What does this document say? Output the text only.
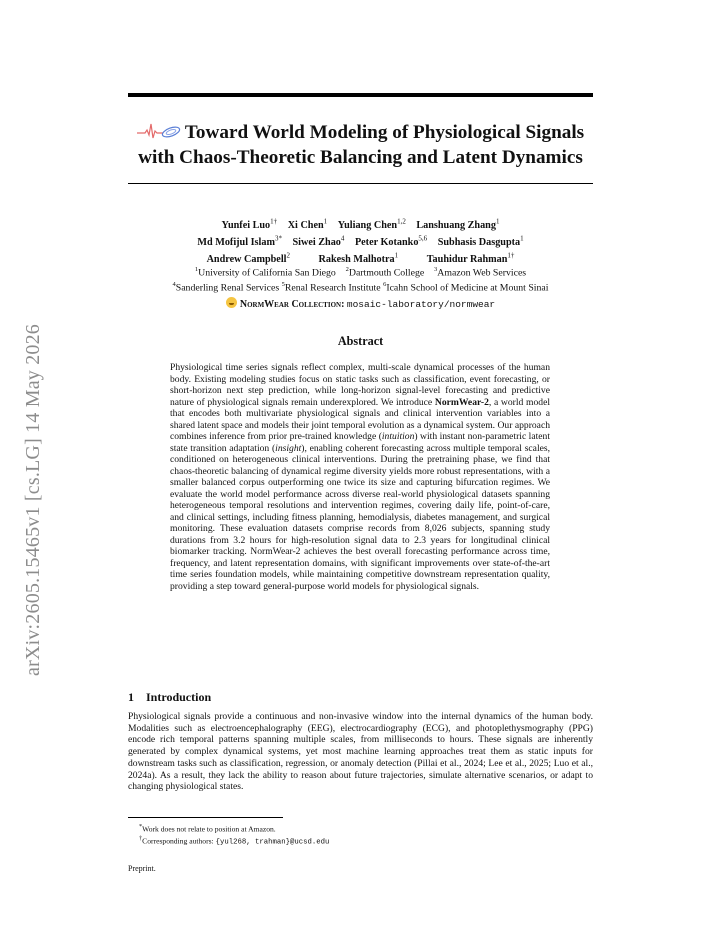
arXiv:2605.15465v1 [cs.LG] 14 May 2026
Toward World Modeling of Physiological Signals
with Chaos-Theoretic Balancing and Latent Dynamics
Yunfei Luo$^{1\dagger}$ Xi Chen$^1$ Yuliang Chen$^{1,2}$ Lanshuang Zhang$^1$
Md Mofijul Islam$^{3*}$ Siwei Zhao$^4$ Peter Kotanko$^{5,6}$ Subhasis Dasgupta$^1$
Andrew Campbell$^2$	Rakesh Malhotra$^1$	Tauhidur Rahman$^{1\dagger}$
$^1$University of California San Diego $^2$Dartmouth College $^3$Amazon Web Services
$^4$Sanderling Renal Services $^5$Renal Research Institute $^6$Icahn School of Medicine at Mount Sinai
NormWear Collection: mosaic-laboratory/normwear
Abstract
Physiological time series signals reflect complex, multi-scale dynamical processes of the human body. Existing modeling studies focus on static tasks such as classification, event forecasting, or short-horizon next step prediction, while long-horizon signal-level forecasting and predictive nature of physiological signals remain underexplored. We introduce NormWear-2, a world model that encodes both multivariate physiological signals and clinical intervention variables into a shared latent space and models their joint temporal evolution as a dynamical system. Our approach combines inference from prior pre-trained knowledge (intuition) with instant non-parametric latent state transition adaptation (insight), enabling coherent forecasting across multiple temporal scales, conditioned on heterogeneous clinical interventions. During the pretraining phase, we find that chaos-theoretic balancing of dynamical regime diversity yields more robust representations, with a smaller balanced corpus outperforming one twice its size and capturing bifurcation regimes. We evaluate the world model performance across diverse real-world physiological datasets spanning heterogeneous temporal resolutions and intervention regimes, covering daily life, point-of-care, and clinical settings, including fitness planning, hemodialysis, diabetes management, and surgical monitoring. These evaluation datasets comprise records from 8,026 subjects, spanning study durations from 3.2 hours for high-resolution signal data to 2.3 years for longitudinal clinical biomarker tracking. NormWear-2 achieves the best overall forecasting performance across time, frequency, and latent representation domains, with significant improvements over state-of-the-art time series foundation models, while maintaining competitive downstream representation quality, providing a step toward general-purpose world models for physiological signals.
1 Introduction
Physiological signals provide a continuous and non-invasive window into the internal dynamics of the human body. Modalities such as electroencephalography (EEG), electrocardiography (ECG), and photoplethysmography (PPG) encode rich temporal patterns spanning multiple scales, from milliseconds to hours. These signals are inherently generated by complex dynamical systems, yet most machine learning approaches treat them as static inputs for downstream tasks such as classification, regression, or anomaly detection (Pillai et al., 2024; Lee et al., 2025; Luo et al., 2024a). As a result, they lack the ability to reason about future trajectories, simulate alternative scenarios, or adapt to changing physiological states.
*Work does not relate to position at Amazon.
†Corresponding authors: {yul268, trahman}@ucsd.edu
Preprint.
